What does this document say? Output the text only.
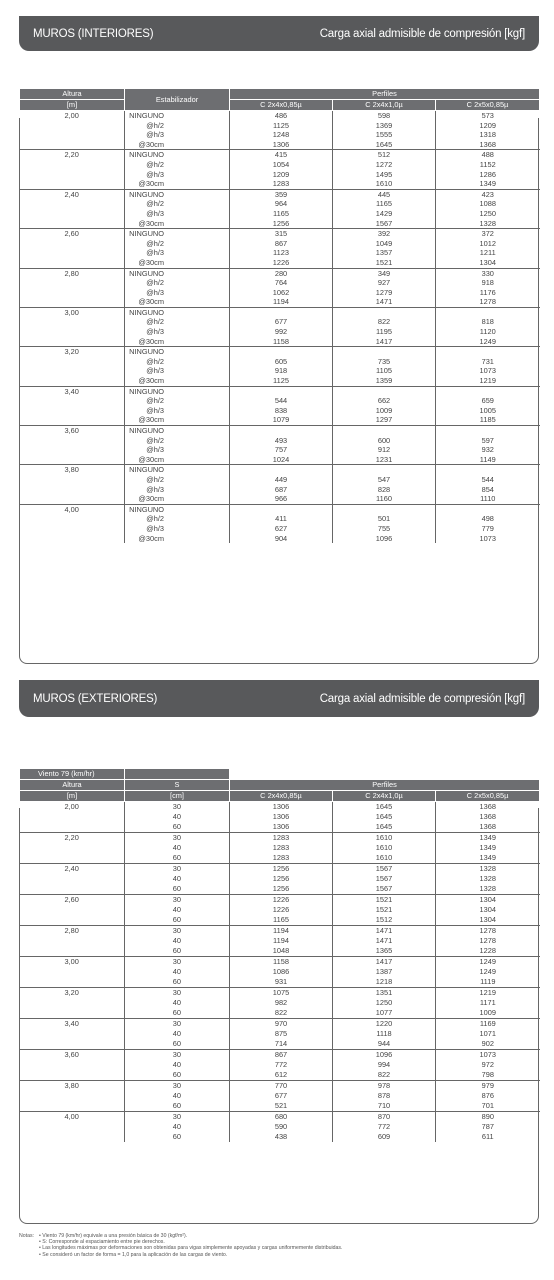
MUROS (INTERIORES)	Carga axial admisible de compresión [kgf]
Altura	Estabilizador	Perfiles		
[m]		C 2x4x0,85µ	C 2x4x1,0µ	C 2x5x0,85µ
2,00	NINGUNO	486	598	573
	@h/2	1125	1369	1209
	@h/3	1248	1555	1318
	@30cm	1306	1645	1368
2,20	NINGUNO	415	512	488
	@h/2	1054	1272	1152
	@h/3	1209	1495	1286
	@30cm	1283	1610	1349
2,40	NINGUNO	359	445	423
	@h/2	964	1165	1088
	@h/3	1165	1429	1250
	@30cm	1256	1567	1328
2,60	NINGUNO	315	392	372
	@h/2	867	1049	1012
	@h/3	1123	1357	1211
	@30cm	1226	1521	1304
2,80	NINGUNO	280	349	330
	@h/2	764	927	918
	@h/3	1062	1279	1176
	@30cm	1194	1471	1278
3,00	NINGUNO			
	@h/2	677	822	818
	@h/3	992	1195	1120
	@30cm	1158	1417	1249
3,20	NINGUNO			
	@h/2	605	735	731
	@h/3	918	1105	1073
	@30cm	1125	1359	1219
3,40	NINGUNO			
	@h/2	544	662	659
	@h/3	838	1009	1005
	@30cm	1079	1297	1185
3,60	NINGUNO			
	@h/2	493	600	597
	@h/3	757	912	932
	@30cm	1024	1231	1149
3,80	NINGUNO			
	@h/2	449	547	544
	@h/3	687	828	854
	@30cm	966	1160	1110
4,00	NINGUNO			
	@h/2	411	501	498
	@h/3	627	755	779
	@30cm	904	1096	1073
MUROS (EXTERIORES)	Carga axial admisible de compresión [kgf]
Viento 79 (km/hr)				
Altura	S	Perfiles		
[m]	[cm]	C 2x4x0,85µ	C 2x4x1,0µ	C 2x5x0,85µ
2,00	30	1306	1645	1368
	40	1306	1645	1368
	60	1306	1645	1368
2,20	30	1283	1610	1349
	40	1283	1610	1349
	60	1283	1610	1349
2,40	30	1256	1567	1328
	40	1256	1567	1328
	60	1256	1567	1328
2,60	30	1226	1521	1304
	40	1226	1521	1304
	60	1165	1512	1304
2,80	30	1194	1471	1278
	40	1194	1471	1278
	60	1048	1365	1228
3,00	30	1158	1417	1249
	40	1086	1387	1249
	60	931	1218	1119
3,20	30	1075	1351	1219
	40	982	1250	1171
	60	822	1077	1009
3,40	30	970	1220	1169
	40	875	1118	1071
	60	714	944	902
3,60	30	867	1096	1073
	40	772	994	972
	60	612	822	798
3,80	30	770	978	979
	40	677	878	876
	60	521	710	701
4,00	30	680	870	890
	40	590	772	787
	60	438	609	611
Notas: • Viento 79 (km/hr) equivale a una presión básica de 30 (kgf/m²).
• S: Corresponde al espaciamiento entre pie derechos.
• Las longitudes máximas por deformaciones son obtenidas para vigas simplemente apoyadas y cargas uniformemente distribuidas.
• Se consideró un factor de forma = 1,0 para la aplicación de las cargas de viento.
